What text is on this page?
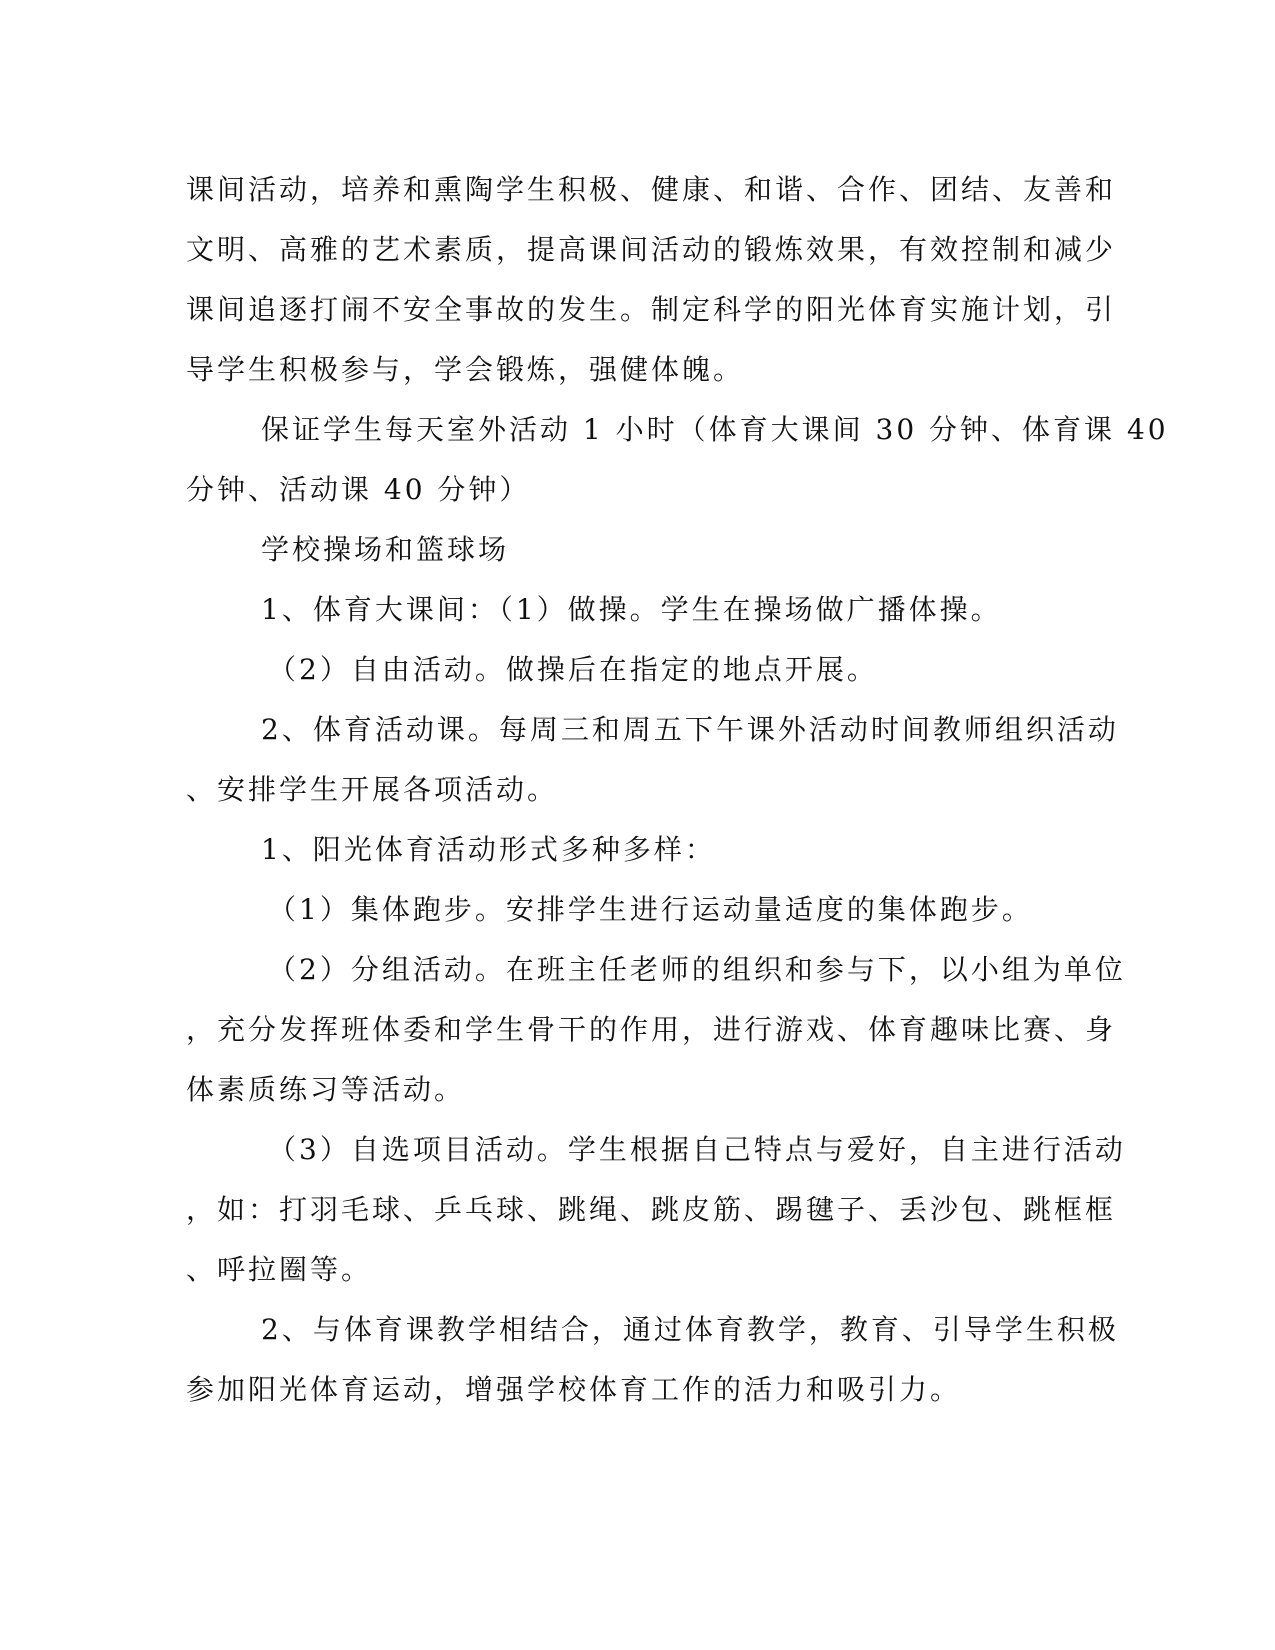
课间活动，培养和熏陶学生积极、健康、和谐、合作、团结、友善和
文明、高雅的艺术素质，提高课间活动的锻炼效果，有效控制和减少
课间追逐打闹不安全事故的发生。制定科学的阳光体育实施计划，引
导学生积极参与，学会锻炼，强健体魄。
保证学生每天室外活动 1 小时（体育大课间 30 分钟、体育课 40
分钟、活动课 40 分钟）
学校操场和篮球场
1、体育大课间：（1）做操。学生在操场做广播体操。
（2）自由活动。做操后在指定的地点开展。
2、体育活动课。每周三和周五下午课外活动时间教师组织活动
、安排学生开展各项活动。
1、阳光体育活动形式多种多样：
（1）集体跑步。安排学生进行运动量适度的集体跑步。
（2）分组活动。在班主任老师的组织和参与下，以小组为单位
，充分发挥班体委和学生骨干的作用，进行游戏、体育趣味比赛、身
体素质练习等活动。
（3）自选项目活动。学生根据自己特点与爱好，自主进行活动
，如：打羽毛球、乒乓球、跳绳、跳皮筋、踢毽子、丢沙包、跳框框
、呼拉圈等。
2、与体育课教学相结合，通过体育教学，教育、引导学生积极
参加阳光体育运动，增强学校体育工作的活力和吸引力。
